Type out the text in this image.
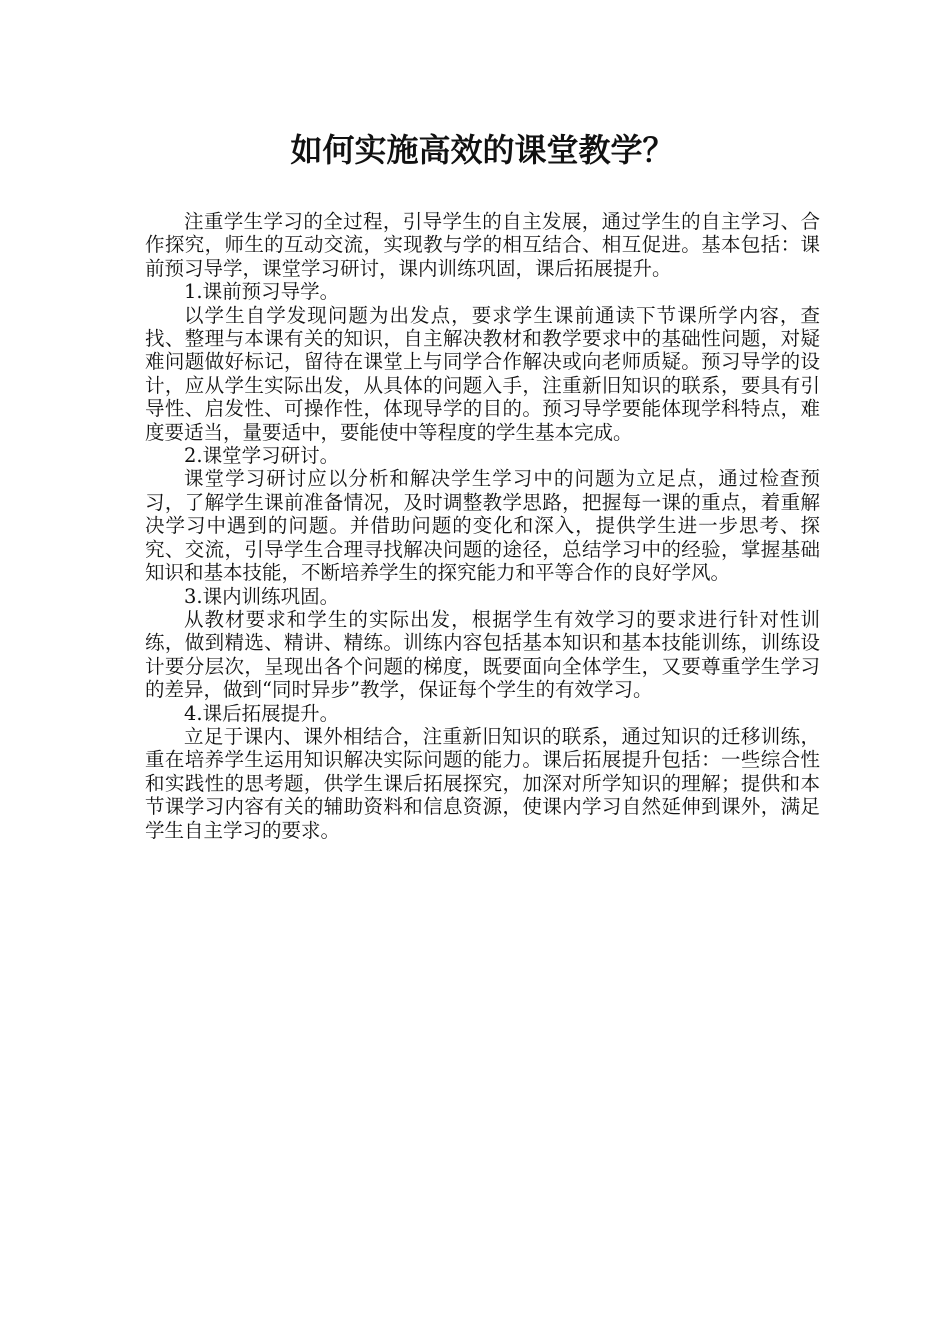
如何实施高效的课堂教学？

注重学生学习的全过程，引导学生的自主发展，通过学生的自主学习、合作探究，师生的互动交流，实现教与学的相互结合、相互促进。基本包括：课前预习导学，课堂学习研讨，课内训练巩固，课后拓展提升。

1.课前预习导学。

以学生自学发现问题为出发点，要求学生课前通读下节课所学内容，查找、整理与本课有关的知识，自主解决教材和教学要求中的基础性问题，对疑难问题做好标记，留待在课堂上与同学合作解决或向老师质疑。预习导学的设计，应从学生实际出发，从具体的问题入手，注重新旧知识的联系，要具有引导性、启发性、可操作性，体现导学的目的。预习导学要能体现学科特点，难度要适当，量要适中，要能使中等程度的学生基本完成。

2.课堂学习研讨。

课堂学习研讨应以分析和解决学生学习中的问题为立足点，通过检查预习，了解学生课前准备情况，及时调整教学思路，把握每一课的重点，着重解决学习中遇到的问题。并借助问题的变化和深入，提供学生进一步思考、探究、交流，引导学生合理寻找解决问题的途径，总结学习中的经验，掌握基础知识和基本技能，不断培养学生的探究能力和平等合作的良好学风。

3.课内训练巩固。

从教材要求和学生的实际出发，根据学生有效学习的要求进行针对性训练，做到精选、精讲、精练。训练内容包括基本知识和基本技能训练，训练设计要分层次，呈现出各个问题的梯度，既要面向全体学生，又要尊重学生学习的差异，做到“同时异步”教学，保证每个学生的有效学习。

4.课后拓展提升。

立足于课内、课外相结合，注重新旧知识的联系，通过知识的迁移训练，重在培养学生运用知识解决实际问题的能力。课后拓展提升包括：一些综合性和实践性的思考题，供学生课后拓展探究，加深对所学知识的理解；提供和本节课学习内容有关的辅助资料和信息资源，使课内学习自然延伸到课外，满足学生自主学习的要求。
